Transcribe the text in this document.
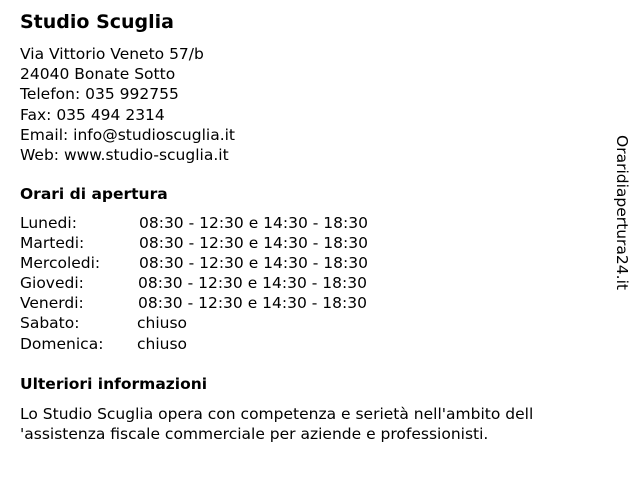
Studio Scuglia
Via Vittorio Veneto 57/b
24040 Bonate Sotto
Telefon: 035 992755
Fax: 035 494 2314
Email: info@studioscuglia.it
Web: www.studio-scuglia.it
Orari di apertura
Lunedi:	08:30 - 12:30 e 14:30 - 18:30
Martedi:	08:30 - 12:30 e 14:30 - 18:30
Mercoledi:	08:30 - 12:30 e 14:30 - 18:30
Giovedi:	08:30 - 12:30 e 14:30 - 18:30
Venerdi:	08:30 - 12:30 e 14:30 - 18:30
Sabato:	chiuso
Domenica: chiuso
Ulteriori informazioni
Lo Studio Scuglia opera con competenza e serietà nell'ambito dell
'assistenza fiscale commerciale per aziende e professionisti.
Oraridiapertura24.it
